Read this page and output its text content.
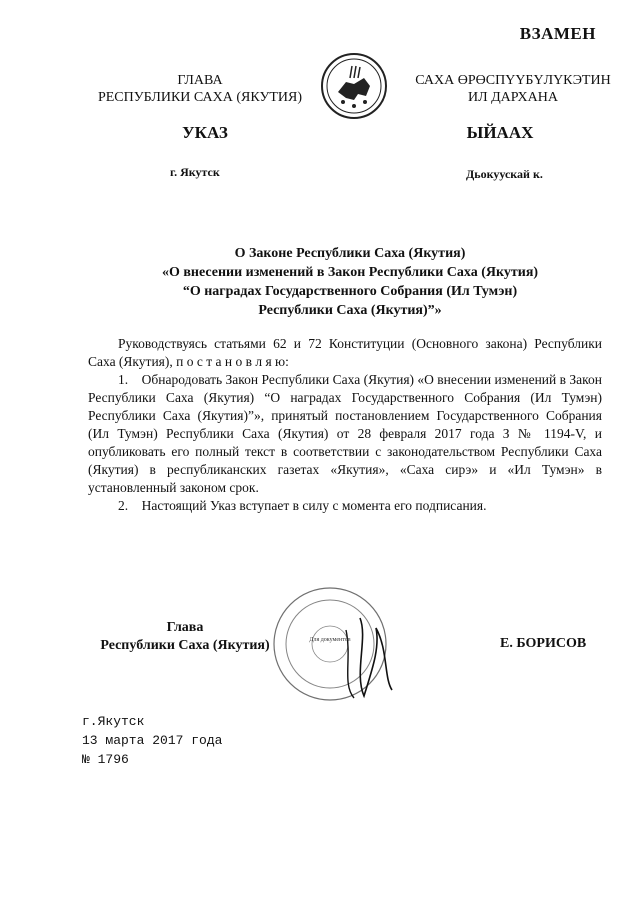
ВЗАМЕН
ГЛАВА
РЕСПУБЛИКИ САХА (ЯКУТИЯ)
САХА ӨРӨСПҮҮБҮЛҮКЭТИН
ИЛ ДАРХАНА
УКАЗ	ЫЙААХ
г. Якутск	Дьокуускай к.
О Законе Республики Саха (Якутия)
«О внесении изменений в Закон Республики Саха (Якутия)
“О наградах Государственного Собрания (Ил Тумэн)
Республики Саха (Якутия)”»

Руководствуясь статьями 62 и 72 Конституции (Основного закона) Республики Саха (Якутия), п о с т а н о в л я ю:

1.    Обнародовать Закон Республики Саха (Якутия) «О внесении изменений в Закон Республики Саха (Якутия) “О наградах Государственного Собрания (Ил Тумэн) Республики Саха (Якутия)”», принятый постановлением Государственного Собрания (Ил Тумэн) Республики Саха (Якутия) от 28 февраля 2017 года З № 1194-V, и опубликовать его полный текст в соответствии с законодательством Республики Саха (Якутия) в республиканских газетах «Якутия», «Саха сирэ» и «Ил Тумэн» в установленный законом срок.

2.    Настоящий Указ вступает в силу с момента его подписания.

Для документов
Глава
Республики Саха (Якутия)	Е. БОРИСОВ
г.Якутск
13 марта 2017 года
№ 1796
